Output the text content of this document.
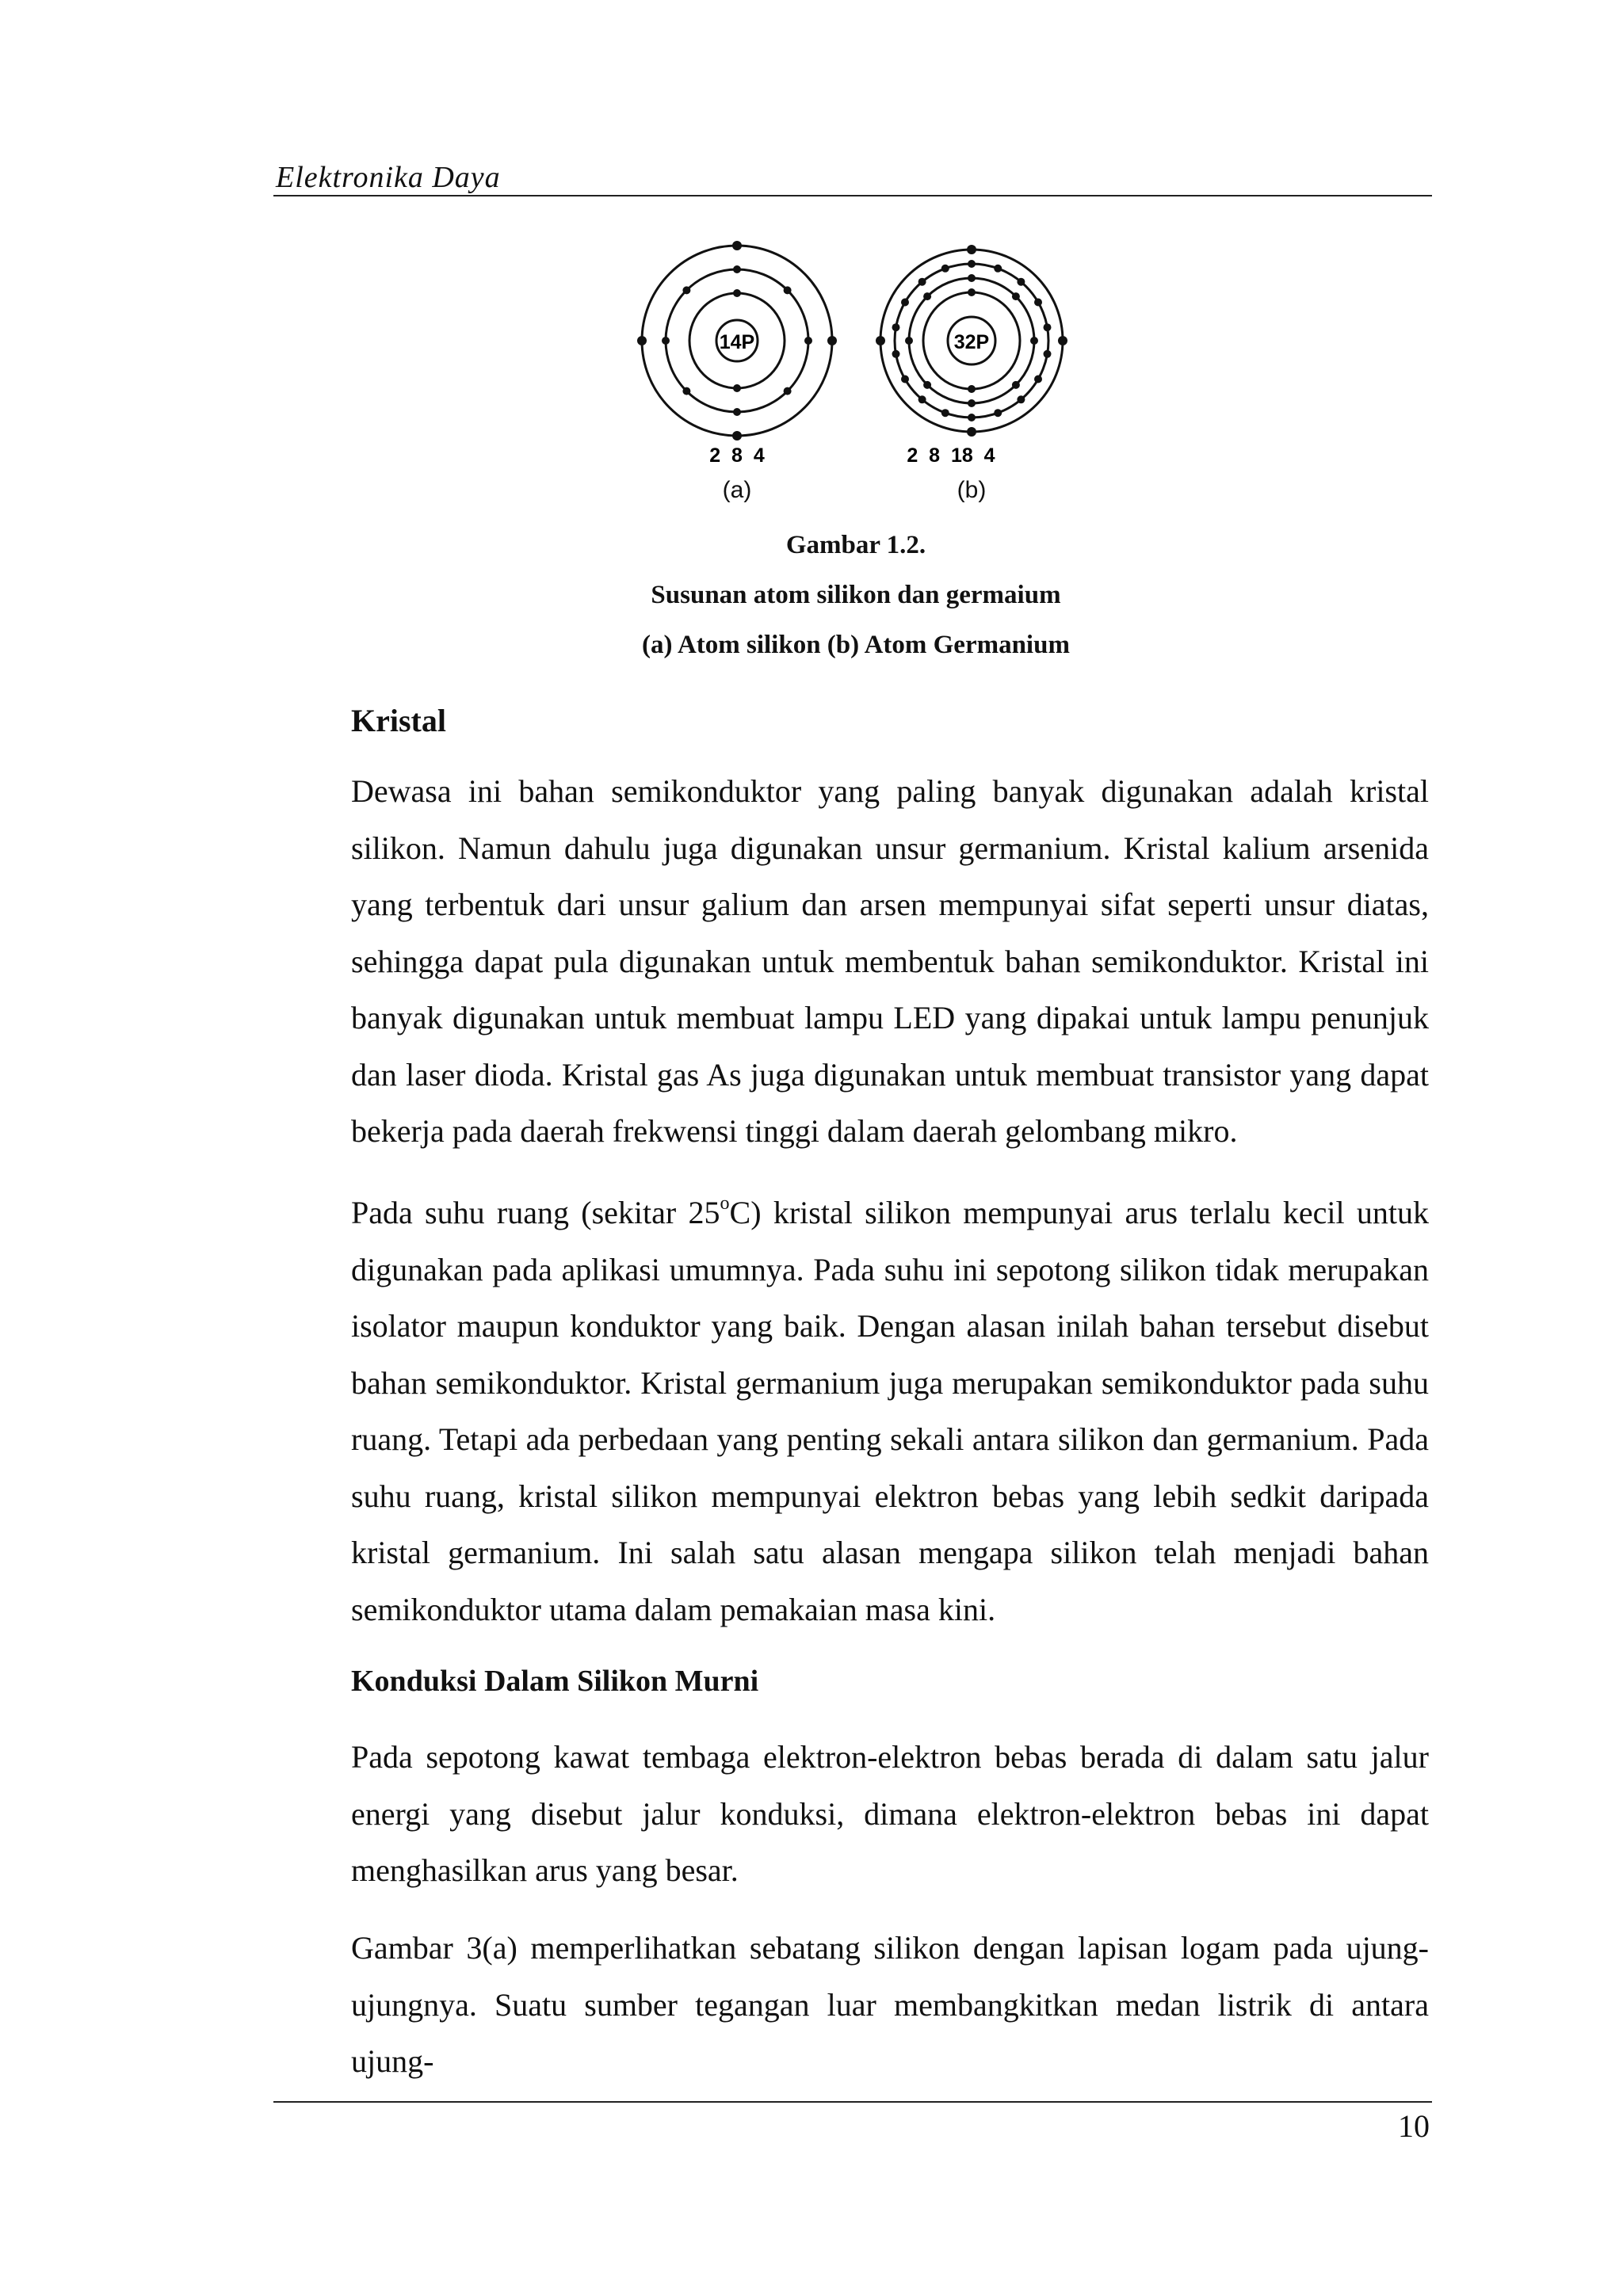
Elektronika Daya
14P	32P
2  8  4	2  8  18  4
(a)	(b)
Gambar 1.2.
Susunan atom silikon dan germaium
(a) Atom silikon (b) Atom Germanium
Kristal
Dewasa ini bahan semikonduktor yang paling banyak digunakan adalah kristal silikon. Namun dahulu juga digunakan unsur germanium. Kristal kalium arsenida yang terbentuk dari unsur galium dan arsen mempunyai sifat seperti unsur diatas, sehingga dapat pula digunakan untuk membentuk bahan semikonduktor. Kristal ini banyak digunakan untuk membuat lampu LED yang dipakai untuk lampu penunjuk dan laser dioda. Kristal gas As juga digunakan untuk membuat transistor yang dapat bekerja pada daerah frekwensi tinggi dalam daerah gelombang mikro.
Pada suhu ruang (sekitar 25$^o$C) kristal silikon mempunyai arus terlalu kecil untuk digunakan pada aplikasi umumnya. Pada suhu ini sepotong silikon tidak merupakan isolator maupun konduktor yang baik. Dengan alasan inilah bahan tersebut disebut bahan semikonduktor. Kristal germanium juga merupakan semikonduktor pada suhu ruang. Tetapi ada perbedaan yang penting sekali antara silikon dan germanium. Pada suhu ruang, kristal silikon mempunyai elektron bebas yang lebih sedkit daripada kristal germanium. Ini salah satu alasan mengapa silikon telah menjadi bahan semikonduktor utama dalam pemakaian masa kini.
Konduksi Dalam Silikon Murni
Pada sepotong kawat tembaga elektron-elektron bebas berada di dalam satu jalur energi yang disebut jalur konduksi, dimana elektron-elektron bebas ini dapat menghasilkan arus yang besar.
Gambar 3(a) memperlihatkan sebatang silikon dengan lapisan logam pada ujung-ujungnya. Suatu sumber tegangan luar membangkitkan medan listrik di antara ujung-
10
